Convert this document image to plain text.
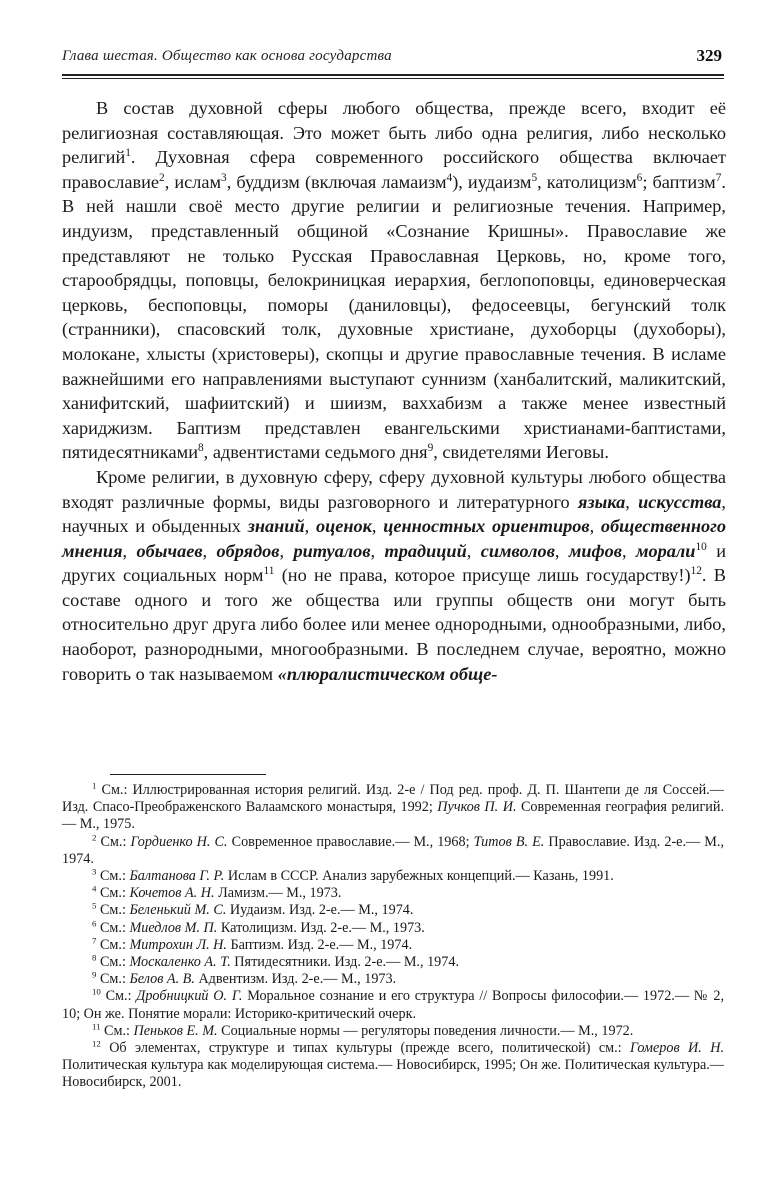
Глава шестая. Общество как основа государства	329

В состав духовной сферы любого общества, прежде всего, входит её религиозная составляющая. Это может быть либо одна религия, либо несколько религий$^1$. Духовная сфера современного российского общества включает православие$^2$, ислам$^3$, буддизм (включая ламаизм$^4$), иудаизм$^5$, католицизм$^6$; баптизм$^7$. В ней нашли своё место другие религии и религиозные течения. Например, индуизм, представленный общиной «Сознание Кришны». Православие же представляют не только Русская Православная Церковь, но, кроме того, старообрядцы, поповцы, белокриницкая иерархия, беглопоповцы, единоверческая церковь, беспоповцы, поморы (даниловцы), федосеевцы, бегунский толк (странники), спасовский толк, духовные христиане, духоборцы (духоборы), молокане, хлысты (христоверы), скопцы и другие православные течения. В исламе важнейшими его направлениями выступают суннизм (ханбалитский, маликитский, ханифитский, шафиитский) и шиизм, ваххабизм а также менее известный хариджизм. Баптизм представлен евангельскими христианами-баптистами, пятидесятниками$^8$, адвентистами седьмого дня$^9$, свидетелями Иеговы.

Кроме религии, в духовную сферу, сферу духовной культуры любого общества входят различные формы, виды разговорного и литературного языка, искусства, научных и обыденных знаний, оценок, ценностных ориентиров, общественного мнения, обычаев, обрядов, ритуалов, традиций, символов, мифов, морали$^{10}$ и других социальных норм$^{11}$ (но не права, которое присуще лишь государству!)$^{12}$. В составе одного и того же общества или группы обществ они могут быть относительно друг друга либо более или менее однородными, однообразными, либо, наоборот, разнородными, многообразными. В последнем случае, вероятно, можно говорить о так называемом «плюралистическом обще-

$^1$ См.: Иллюстрированная история религий. Изд. 2-е / Под ред. проф. Д. П. Шантепи де ля Соссей.— Изд. Спасо-Преображенского Валаамского монастыря, 1992; Пучков П. И. Современная география религий.— М., 1975.

$^2$ См.: Гордиенко Н. С. Современное православие.— М., 1968; Титов В. Е. Православие. Изд. 2-е.— М., 1974.

$^3$ См.: Балтанова Г. Р. Ислам в СССР. Анализ зарубежных концепций.— Казань, 1991.

$^4$ См.: Кочетов А. Н. Ламизм.— М., 1973.

$^5$ См.: Беленький М. С. Иудаизм. Изд. 2-е.— М., 1974.

$^6$ См.: Миедлов М. П. Католицизм. Изд. 2-е.— М., 1973.

$^7$ См.: Митрохин Л. Н. Баптизм. Изд. 2-е.— М., 1974.

$^8$ См.: Москаленко А. Т. Пятидесятники. Изд. 2-е.— М., 1974.

$^9$ См.: Белов А. В. Адвентизм. Изд. 2-е.— М., 1973.

$^{10}$ См.: Дробницкий О. Г. Моральное сознание и его структура // Вопросы философии.— 1972.— № 2, 10; Он же. Понятие морали: Историко-критический очерк.

$^{11}$ См.: Пеньков Е. М. Социальные нормы — регуляторы поведения личности.— М., 1972.

$^{12}$ Об элементах, структуре и типах культуры (прежде всего, политической) см.: Гомеров И. Н. Политическая культура как моделирующая система.— Новосибирск, 1995; Он же. Политическая культура.— Новосибирск, 2001.
